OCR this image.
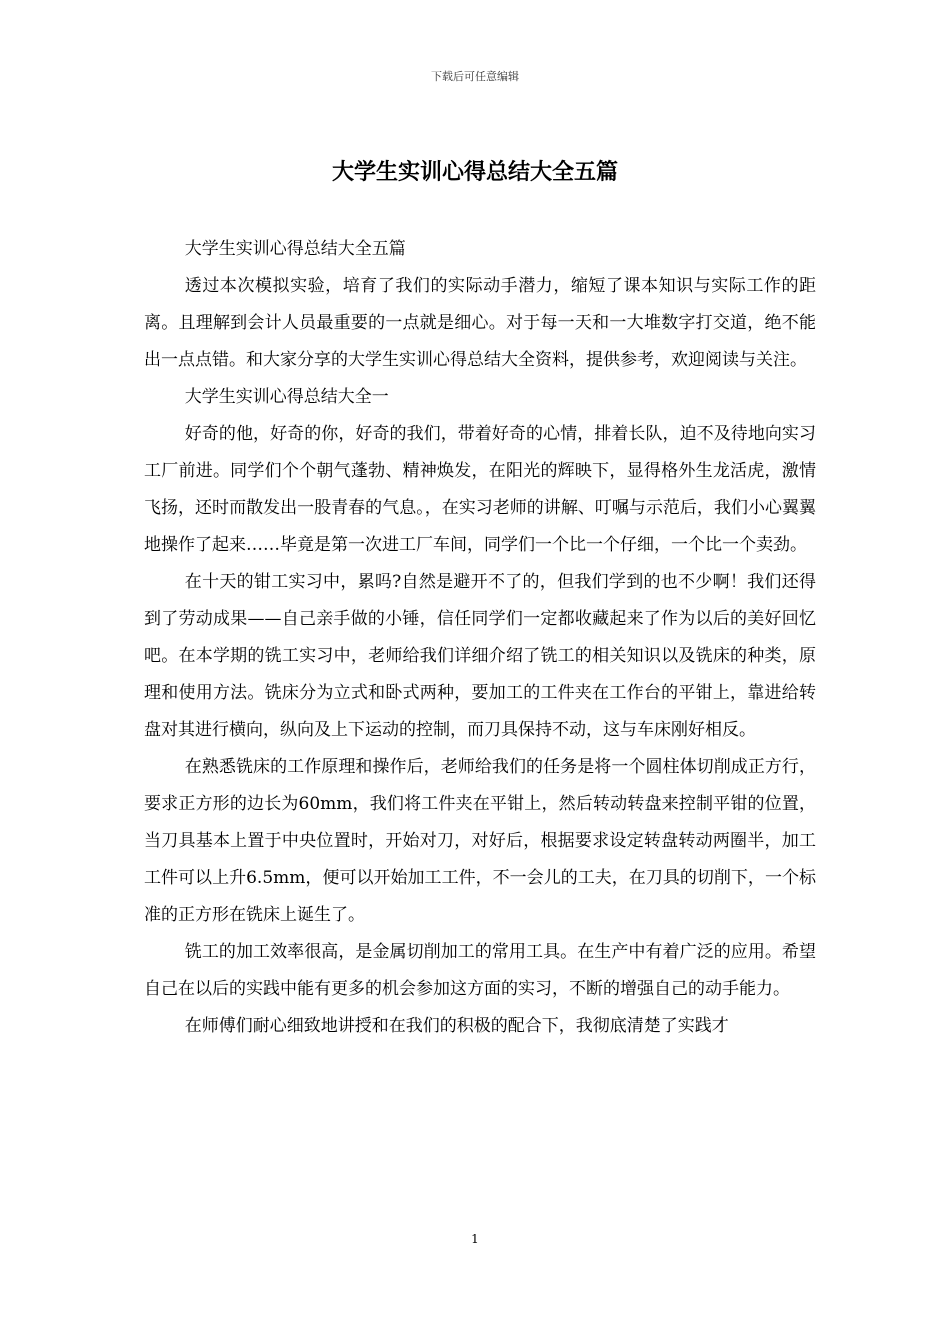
下载后可任意编辑
大学生实训心得总结大全五篇

大学生实训心得总结大全五篇

透过本次模拟实验，培育了我们的实际动手潜力，缩短了课本知识与实际工作的距离。且理解到会计人员最重要的一点就是细心。对于每一天和一大堆数字打交道，绝不能出一点点错。和大家分享的大学生实训心得总结大全资料，提供参考，欢迎阅读与关注。

大学生实训心得总结大全一

好奇的他，好奇的你，好奇的我们，带着好奇的心情，排着长队，迫不及待地向实习工厂前进。同学们个个朝气蓬勃、精神焕发，在阳光的辉映下，显得格外生龙活虎，激情飞扬，还时而散发出一股青春的气息。，在实习老师的讲解、叮嘱与示范后，我们小心翼翼地操作了起来……毕竟是第一次进工厂车间，同学们一个比一个仔细，一个比一个卖劲。

在十天的钳工实习中，累吗?自然是避开不了的，但我们学到的也不少啊！我们还得到了劳动成果——自己亲手做的小锤，信任同学们一定都收藏起来了作为以后的美好回忆吧。在本学期的铣工实习中，老师给我们详细介绍了铣工的相关知识以及铣床的种类，原理和使用方法。铣床分为立式和卧式两种，要加工的工件夹在工作台的平钳上，靠进给转盘对其进行横向，纵向及上下运动的控制，而刀具保持不动，这与车床刚好相反。

在熟悉铣床的工作原理和操作后，老师给我们的任务是将一个圆柱体切削成正方行，要求正方形的边长为60mm，我们将工件夹在平钳上，然后转动转盘来控制平钳的位置，当刀具基本上置于中央位置时，开始对刀，对好后，根据要求设定转盘转动两圈半，加工工件可以上升6.5mm，便可以开始加工工件，不一会儿的工夫，在刀具的切削下，一个标准的正方形在铣床上诞生了。

铣工的加工效率很高，是金属切削加工的常用工具。在生产中有着广泛的应用。希望自己在以后的实践中能有更多的机会参加这方面的实习，不断的增强自己的动手能力。

在师傅们耐心细致地讲授和在我们的积极的配合下，我彻底清楚了实践才

1
